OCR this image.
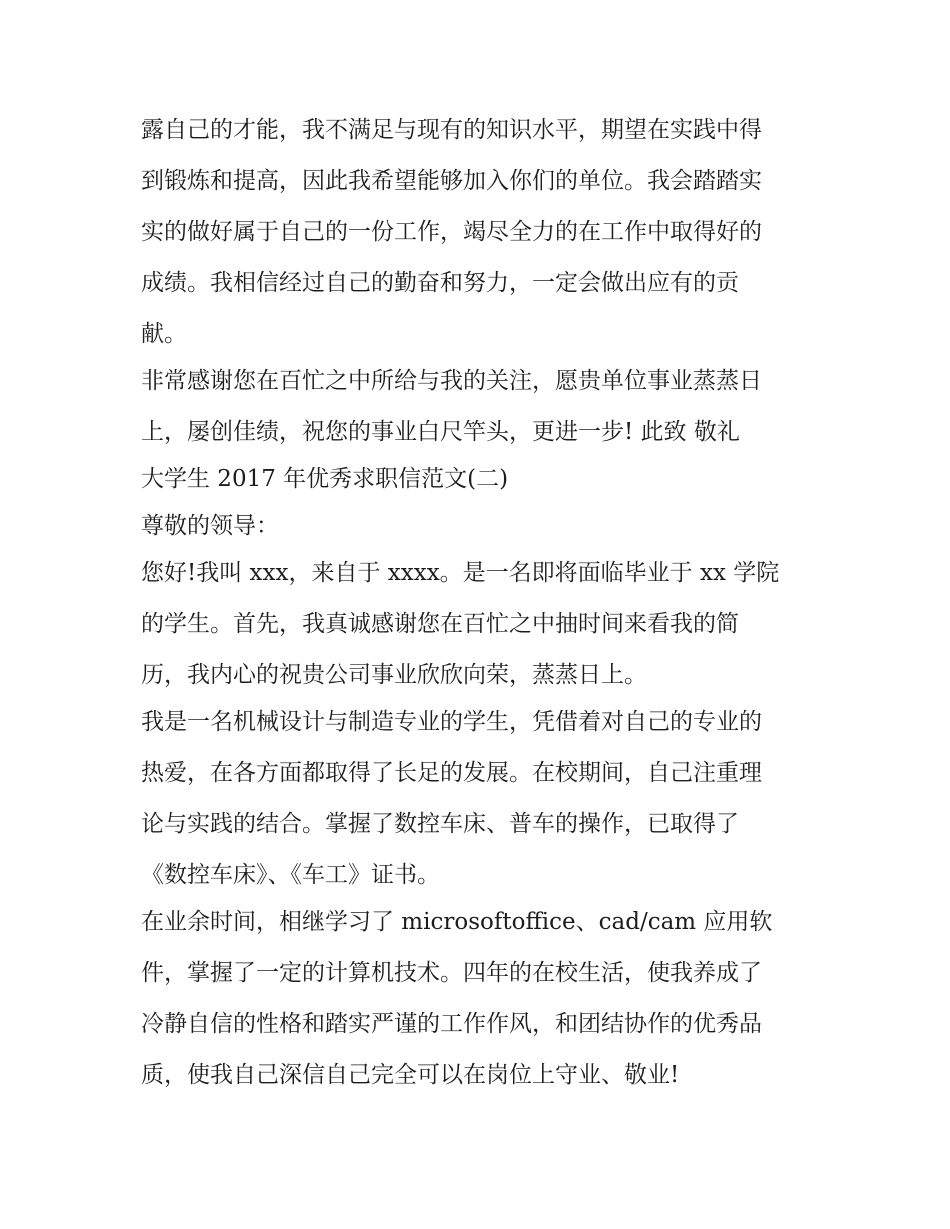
露自己的才能，我不满足与现有的知识水平，期望在实践中得
到锻炼和提高，因此我希望能够加入你们的单位。我会踏踏实
实的做好属于自己的一份工作，竭尽全力的在工作中取得好的
成绩。我相信经过自己的勤奋和努力，一定会做出应有的贡
献。
非常感谢您在百忙之中所给与我的关注，愿贵单位事业蒸蒸日
上，屡创佳绩，祝您的事业白尺竿头，更进一步! 此致 敬礼
大学生 2017 年优秀求职信范文(二)
尊敬的领导：
您好!我叫 xxx，来自于 xxxx。是一名即将面临毕业于 xx 学院
的学生。首先，我真诚感谢您在百忙之中抽时间来看我的简
历，我内心的祝贵公司事业欣欣向荣，蒸蒸日上。
我是一名机械设计与制造专业的学生，凭借着对自己的专业的
热爱，在各方面都取得了长足的发展。在校期间，自己注重理
论与实践的结合。掌握了数控车床、普车的操作，已取得了
《数控车床》、《车工》证书。
在业余时间，相继学习了 microsoftoffice、cad/cam 应用软
件，掌握了一定的计算机技术。四年的在校生活，使我养成了
冷静自信的性格和踏实严谨的工作作风，和团结协作的优秀品
质，使我自己深信自己完全可以在岗位上守业、敬业!
